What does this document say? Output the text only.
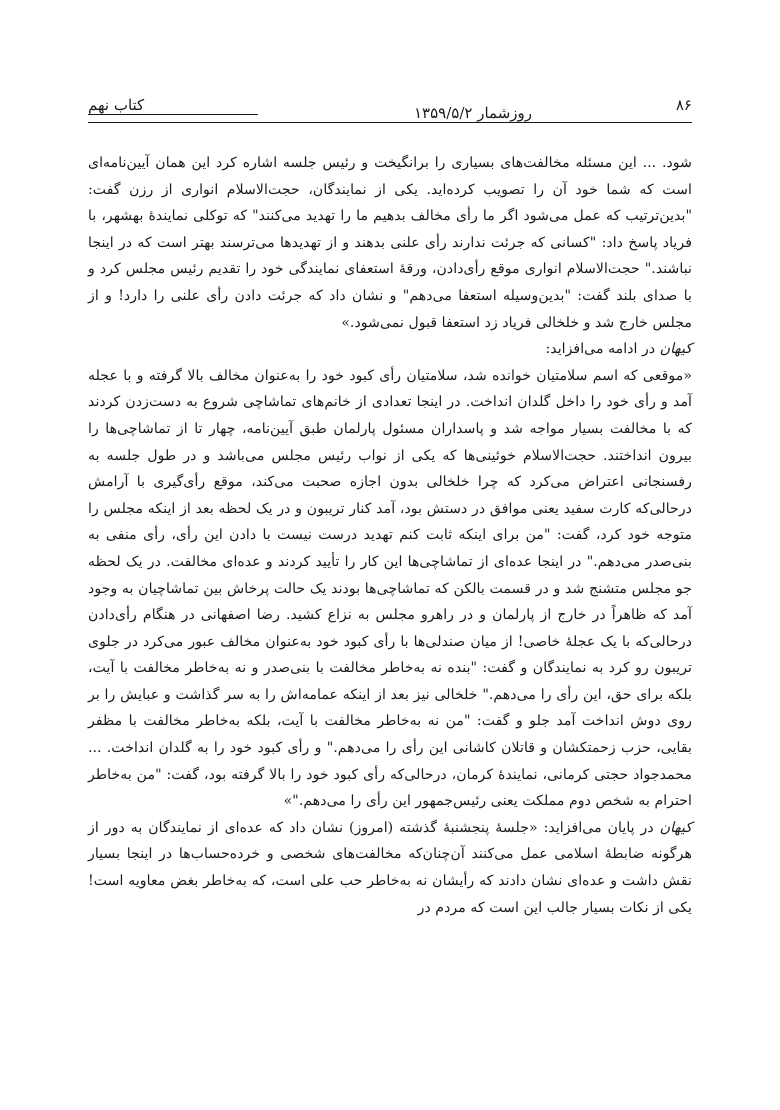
۸۶
روزشمار ۱۳۵۹/۵/۲
کتاب نهم

شود. ... این مسئله مخالفت‌های بسیاری را برانگیخت و رئیس جلسه اشاره کرد این همان آیین‌نامه‌ای است که شما خود آن را تصویب کرده‌اید. یکی از نمایندگان، حجت‌الاسلام انواری از رزن گفت: "بدین‌ترتیب که عمل می‌شود اگر ما رأی مخالف بدهیم ما را تهدید می‌کنند" که توکلی نمایندهٔ بهشهر، با فریاد پاسخ داد: "کسانی که جرئت ندارند رأی علنی بدهند و از تهدیدها می‌ترسند بهتر است که در اینجا نباشند." حجت‌الاسلام انواری موقع رأی‌دادن، ورقهٔ استعفای نمایندگی خود را تقدیم رئیس مجلس کرد و با صدای بلند گفت: "بدین‌وسیله استعفا می‌دهم" و نشان داد که جرئت دادن رأی علنی را دارد! و از مجلس خارج شد و خلخالی فریاد زد استعفا قبول نمی‌شود.»

کیهان در ادامه می‌افزاید:

«موقعی که اسم سلامتیان خوانده شد، سلامتیان رأی کبود خود را به‌عنوان مخالف بالا گرفته و با عجله آمد و رأی خود را داخل گلدان انداخت. در اینجا تعدادی از خانم‌های تماشاچی شروع به دست‌زدن کردند که با مخالفت بسیار مواجه شد و پاسداران مسئول پارلمان طبق آیین‌نامه، چهار تا از تماشاچی‌ها را بیرون انداختند. حجت‌الاسلام خوئینی‌ها که یکی از نواب رئیس مجلس می‌باشد و در طول جلسه به رفسنجانی اعتراض می‌کرد که چرا خلخالی بدون اجازه صحبت می‌کند، موقع رأی‌گیری با آرامش درحالی‌که کارت سفید یعنی موافق در دستش بود، آمد کنار تریبون و در یک لحظه بعد از اینکه مجلس را متوجه خود کرد، گفت: "من برای اینکه ثابت کنم تهدید درست نیست با دادن این رأی، رأی منفی به بنی‌صدر می‌دهم." در اینجا عده‌ای از تماشاچی‌ها این کار را تأیید کردند و عده‌ای مخالفت. در یک لحظه جو مجلس متشنج شد و در قسمت بالکن که تماشاچی‌ها بودند یک حالت پرخاش بین تماشاچیان به وجود آمد که ظاهراً در خارج از پارلمان و در راهرو مجلس به نزاع کشید. رضا اصفهانی در هنگام رأی‌دادن درحالی‌که با یک عجلهٔ خاصی! از میان صندلی‌ها با رأی کبود خود به‌عنوان مخالف عبور می‌کرد در جلوی تریبون رو کرد به نمایندگان و گفت: "بنده نه به‌خاطر مخالفت با بنی‌صدر و نه به‌خاطر مخالفت با آیت، بلکه برای حق، این رأی را می‌دهم." خلخالی نیز بعد از اینکه عمامه‌اش را به سر گذاشت و عبایش را بر روی دوش انداخت آمد جلو و گفت: "من نه به‌خاطر مخالفت با آیت، بلکه به‌خاطر مخالفت با مظفر بقایی، حزب زحمتکشان و قاتلان کاشانی این رأی را می‌دهم." و رأی کبود خود را به گلدان انداخت. ... محمدجواد حجتی کرمانی، نمایندهٔ کرمان، درحالی‌که رأی کبود خود را بالا گرفته بود، گفت: "من به‌خاطر احترام به شخص دوم مملکت یعنی رئیس‌جمهور این رأی را می‌دهم."»

کیهان در پایان می‌افزاید: «جلسهٔ پنجشنبهٔ گذشته (امروز) نشان داد که عده‌ای از نمایندگان به دور از هرگونه ضابطهٔ اسلامی عمل می‌کنند آن‌چنان‌که مخالفت‌های شخصی و خرده‌حساب‌ها در اینجا بسیار نقش داشت و عده‌ای نشان دادند که رأیشان نه به‌خاطر حب علی است، که به‌خاطر بغض معاویه است! یکی از نکات بسیار جالب این است که مردم در
